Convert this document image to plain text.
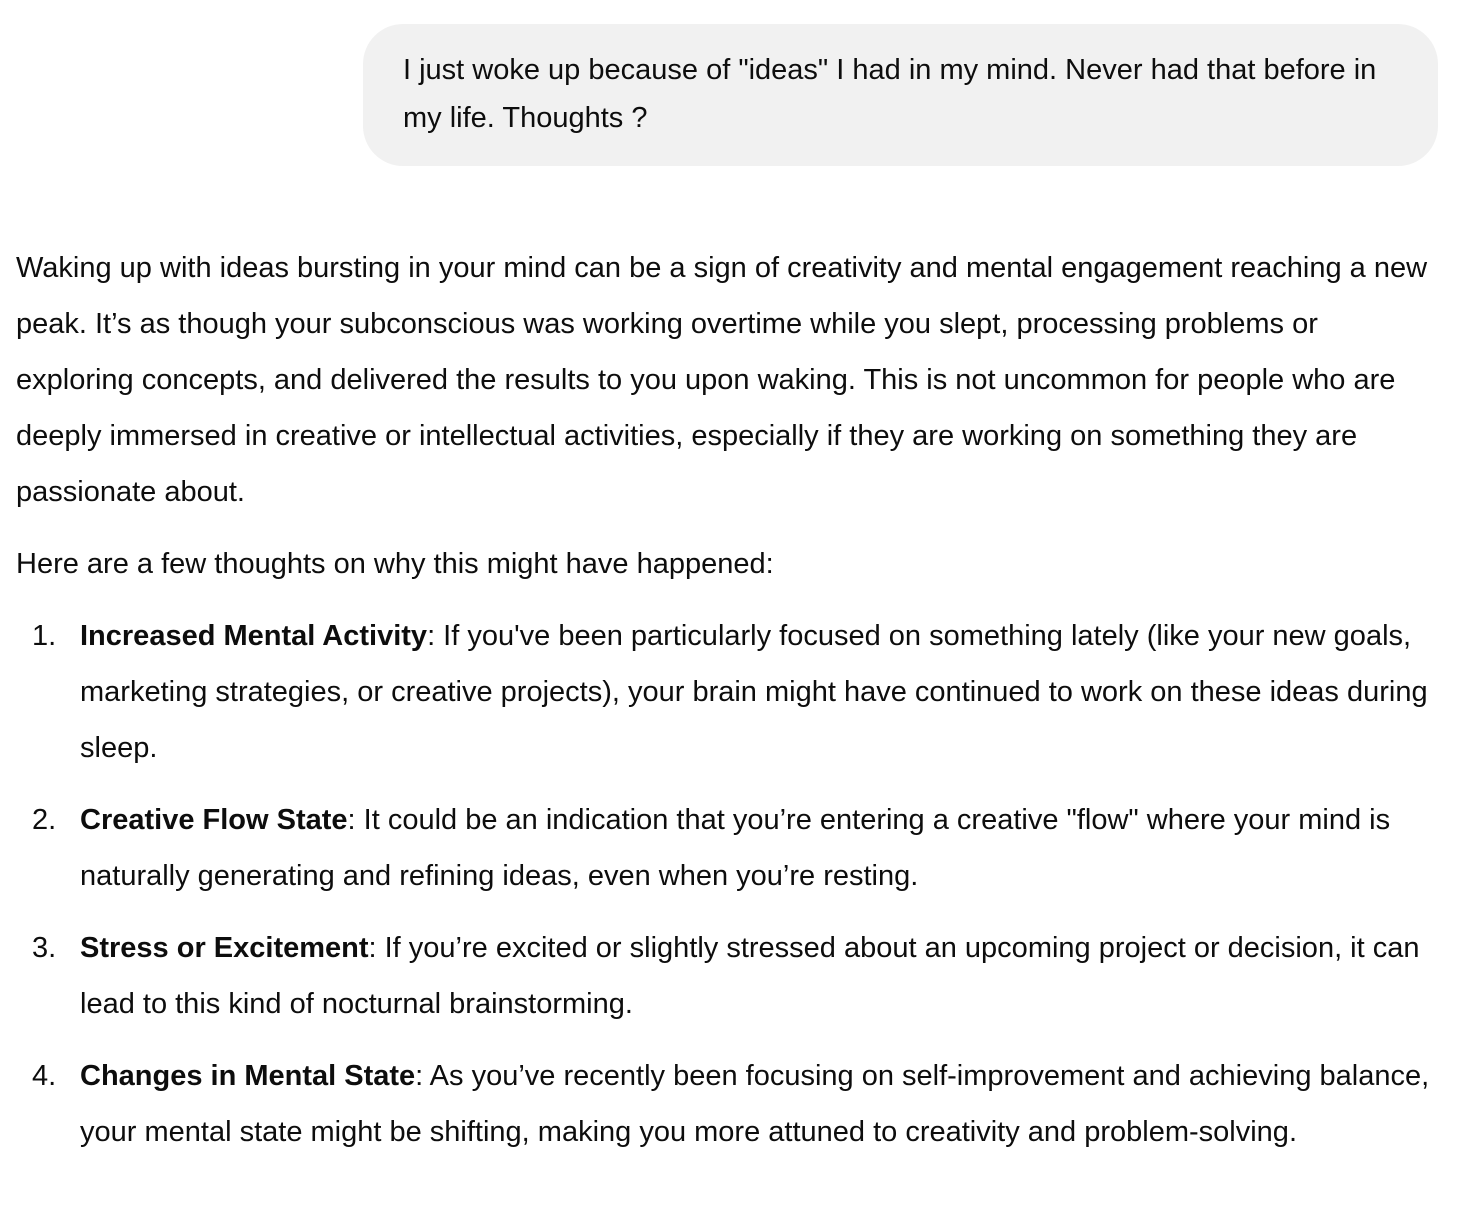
I just woke up because of "ideas" I had in my mind. Never had that before in my life. Thoughts ?

Waking up with ideas bursting in your mind can be a sign of creativity and mental engagement reaching a new peak. It’s as though your subconscious was working overtime while you slept, processing problems or exploring concepts, and delivered the results to you upon waking. This is not uncommon for people who are deeply immersed in creative or intellectual activities, especially if they are working on something they are passionate about.

Here are a few thoughts on why this might have happened:

1. Increased Mental Activity: If you've been particularly focused on something lately (like your new goals, marketing strategies, or creative projects), your brain might have continued to work on these ideas during sleep.
2. Creative Flow State: It could be an indication that you’re entering a creative "flow" where your mind is naturally generating and refining ideas, even when you’re resting.
3. Stress or Excitement: If you’re excited or slightly stressed about an upcoming project or decision, it can lead to this kind of nocturnal brainstorming.
4. Changes in Mental State: As you’ve recently been focusing on self-improvement and achieving balance, your mental state might be shifting, making you more attuned to creativity and problem-solving.
